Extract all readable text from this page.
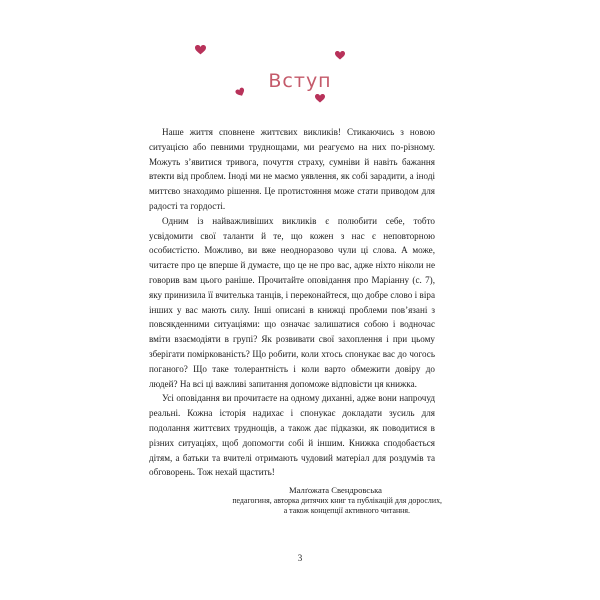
Вступ

Наше життя сповнене життєвих викликів! Стикаючись з новою ситуацією або певними труднощами, ми реагуємо на них по-різному. Можуть з’явитися тривога, почуття страху, сумніви й навіть бажання втекти від проблем. Іноді ми не маємо уявлення, як собі зарадити, а іноді миттєво знаходимо рішення. Це протистояння може стати приводом для радості та гордості.

Одним із найважливіших викликів є полюбити себе, тобто усвідомити свої таланти й те, що кожен з нас є неповторною особистістю. Можливо, ви вже неодноразово чули ці слова. А може, читаєте про це вперше й думаєте, що це не про вас, адже ніхто ніколи не говорив вам цього раніше. Прочитайте оповідання про Маріанну (с. 7), яку принизила її вчителька танців, і переконайтеся, що добре слово і віра інших у вас мають силу. Інші описані в книжці проблеми пов’язані з повсякденними ситуаціями: що означає залишатися собою і водночас вміти взаємодіяти в групі? Як розвивати свої захоплення і при цьому зберігати поміркованість? Що робити, коли хтось спонукає вас до чогось поганого? Що таке толерантність і коли варто обмежити довіру до людей? На всі ці важливі запитання допоможе відповісти ця книжка.

Усі оповідання ви прочитаєте на одному диханні, адже вони напрочуд реальні. Кожна історія надихає і спонукає докладати зусиль для подолання життєвих труднощів, а також дає підказки, як поводитися в різних ситуаціях, щоб допомогти собі й іншим. Книжка сподобається дітям, а батьки та вчителі отримають чудовий матеріал для роздумів та обговорень. Тож нехай щастить!

Малґожата Свендровська
педагогиня, авторка дитячих книг та публікацій для дорослих,
а також концепції активного читання.
3
